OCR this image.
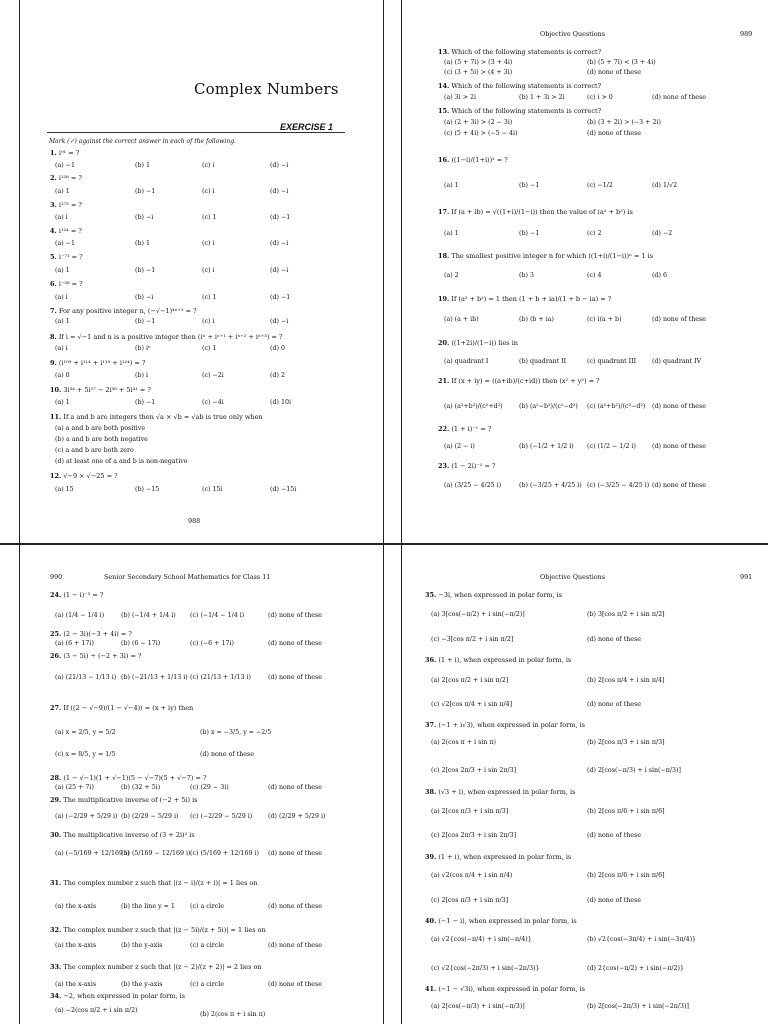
Complex Numbers
EXERCISE 1
Mark (✓) against the correct answer in each of the following.
1. i⁹¹ = ?
(a) −1	(b) 1	(c) i	(d) −i
2. i¹²⁶ = ?
(a) 1	(b) −1	(c) i	(d) −i
3. i²⁷³ = ?
(a) i	(b) −i	(c) 1	(d) −1
4. i¹²⁴ = ?
(a) −1	(b) 1	(c) i	(d) −i
5. i⁻⁷¹ = ?
(a) 1	(b) −1	(c) i	(d) −i
6. i⁻³⁸ = ?
(a) i	(b) −i	(c) 1	(d) −1
7. For any positive integer n, (−√−1)⁴ⁿ⁺³ = ?
(a) 1	(b) −1	(c) i	(d) −i
8. If i = √−1 and n is a positive integer then (iⁿ + iⁿ⁺¹ + iⁿ⁺² + iⁿ⁺³) = ?
(a) i	(b) iⁿ	(c) 1	(d) 0
9. (i¹⁰⁹ + i¹¹⁴ + i¹¹⁹ + i¹²⁴) = ?
(a) 0	(b) i	(c) −2i	(d) 2
10. 3i³⁴ + 5i²⁷ − 2i³⁸ + 5i⁴¹ = ?
(a) 1	(b) −1	(c) −4i	(d) 10i
11. If a and b are integers then √a × √b = √ab is true only when
(a) a and b are both positive
(b) a and b are both negative
(c) a and b are both zero
(d) at least one of a and b is non-negative
12. √−9 × √−25 = ?
(a) 15	(b) −15	(c) 15i	(d) −15i
988
Objective Questions	989
13. Which of the following statements is correct?
(a) (5 + 7i) > (3 + 4i)	(b) (5 + 7i) < (3 + 4i)
(c) (3 + 5i) > (4 + 3i)	(d) none of these
14. Which of the following statements is correct?
(a) 3i > 2i	(b) 1 + 3i > 2i	(c) i > 0	(d) none of these
15. Which of the following statements is correct?
(a) (2 + 3i) > (2 − 3i)	(b) (3 + 2i) > (−3 + 2i)
(c) (5 + 4i) > (−5 − 4i)	(d) none of these
16. ((1−i)/(1+i))² = ?
(a) 1	(b) −1	(c) −1/2	(d) 1/√2
17. If (a + ib) = √((1+i)/(1−i)) then the value of (a² + b²) is
(a) 1	(b) −1	(c) 2	(d) −2
18. The smallest positive integer n for which ((1+i)/(1−i))ⁿ = 1 is
(a) 2	(b) 3	(c) 4	(d) 6
19. If (a² + b²) = 1 then (1 + b + ia)/(1 + b − ia) = ?
(a) (a + ib)	(b) (b + ia)	(c) i(a + b)	(d) none of these
20. ((1+2i)/(1−i)) lies in
(a) quadrant I	(b) quadrant II	(c) quadrant III	(d) quadrant IV
21. If (x + iy) = ((a+ib)/(c+id)) then (x² + y²) = ?
(a) (a²+b²)/(c²+d²)	(b) (a²−b²)/(c²−d²) (c) (a²+b²)/(c²−d²) (d) none of these
22. (1 + i)⁻¹ = ?
(a) (2 − i)	(b) (−1/2 + 1/2 i) (c) (1/2 − 1/2 i)	(d) none of these
23. (1 − 2i)⁻² = ?
(a) (3/25 − 4/25 i)	(b) (−3/25 + 4/25 i) (c) (−3/25 − 4/25 i) (d) none of these
990	Senior Secondary School Mathematics for Class 11
24. (1 − i)⁻³ = ?
(a) (1/4 − 1/4 i)	(b) (−1/4 + 1/4 i) (c) (−1/4 − 1/4 i)	(d) none of these
25. (2 − 3i)(−3 + 4i) = ?
(a) (6 + 17i)	(b) (6 − 17i)	(c) (−6 + 17i)	(d) none of these
26. (3 − 5i) ÷ (−2 + 3i) = ?
(a) (21/13 − 1/13 i) (b) (−21/13 + 1/13 i) (c) (21/13 + 1/13 i)	(d) none of these
27. If ((2 − √−9)/(1 − √−4)) = (x + iy) then
(a) x = 2/5, y = 5/2	(b) x = −3/5, y = −2/5
(c) x = 8/5, y = 1/5	(d) none of these
28. (1 − √−1)(1 + √−1)(5 − √−7)(5 + √−7) = ?
(a) (25 + 7i)	(b) (32 + 5i)	(c) (29 − 3i)	(d) none of these
29. The multiplicative inverse of (−2 + 5i) is
(a) (−2/29 + 5/29 i) (b) (2/29 − 5/29 i) (c) (−2/29 − 5/29 i)	(d) (2/29 + 5/29 i)
30. The multiplicative inverse of (3 + 2i)² is
(a) (−5/169 + 12/169 i)
(b) (5/169 − 12/169 i) (c) (5/169 + 12/169 i) (d) none of these
31. The complex number z such that |(z − i)/(z + i)| = 1 lies on
(a) the x-axis	(b) the line y = 1 (c) a circle	(d) none of these
32. The complex number z such that |(z − 5i)/(z + 5i)| = 1 lies on
(a) the x-axis	(b) the y-axis	(c) a circle	(d) none of these
33. The complex number z such that |(z − 2)/(z + 2)| = 2 lies on
(a) the x-axis	(b) the y-axis	(c) a circle	(d) none of these
34. −2, when expressed in polar form, is
(a) −2(cos π/2 + i sin π/2)
(b) 2(cos π + i sin π)
Objective Questions	991
35. −3i, when expressed in polar form, is
(a) 3[cos(−π/2) + i sin(−π/2)]	(b) 3[cos π/2 + i sin π/2]
(c) −3[cos π/2 + i sin π/2]	(d) none of these
36. (1 + i), when expressed in polar form, is
(a) 2[cos π/2 + i sin π/2]	(b) 2[cos π/4 + i sin π/4]
(c) √2[cos π/4 + i sin π/4]	(d) none of these
37. (−1 + i√3), when expressed in polar form, is
(a) 2(cos π + i sin π)	(b) 2[cos π/3 + i sin π/3]
(c) 2[cos 2π/3 + i sin 2π/3]	(d) 2[cos(−π/3) + i sin(−π/3)]
38. (√3 + i), when expressed in polar form, is
(a) 2[cos π/3 + i sin π/3]	(b) 2[cos π/6 + i sin π/6]
(c) 2[cos 2π/3 + i sin 2π/3]	(d) none of these
39. (1 + i), when expressed in polar form, is
(a) √2(cos π/4 + i sin π/4)	(b) 2[cos π/6 + i sin π/6]
(c) 2[cos π/3 + i sin π/3]	(d) none of these
40. (−1 − i), when expressed in polar form, is
(a) √2{cos(−π/4) + i sin(−π/4)}	(b) √2{cos(−3π/4) + i sin(−3π/4)}
(c) √2{cos(−2π/3) + i sin(−2π/3)}	(d) 2{cos(−π/2) + i sin(−π/2)}
41. (−1 − √3i), when expressed in polar form, is
(a) 2[cos(−π/3) + i sin(−π/3)]	(b) 2[cos(−2π/3) + i sin(−2π/3)]
